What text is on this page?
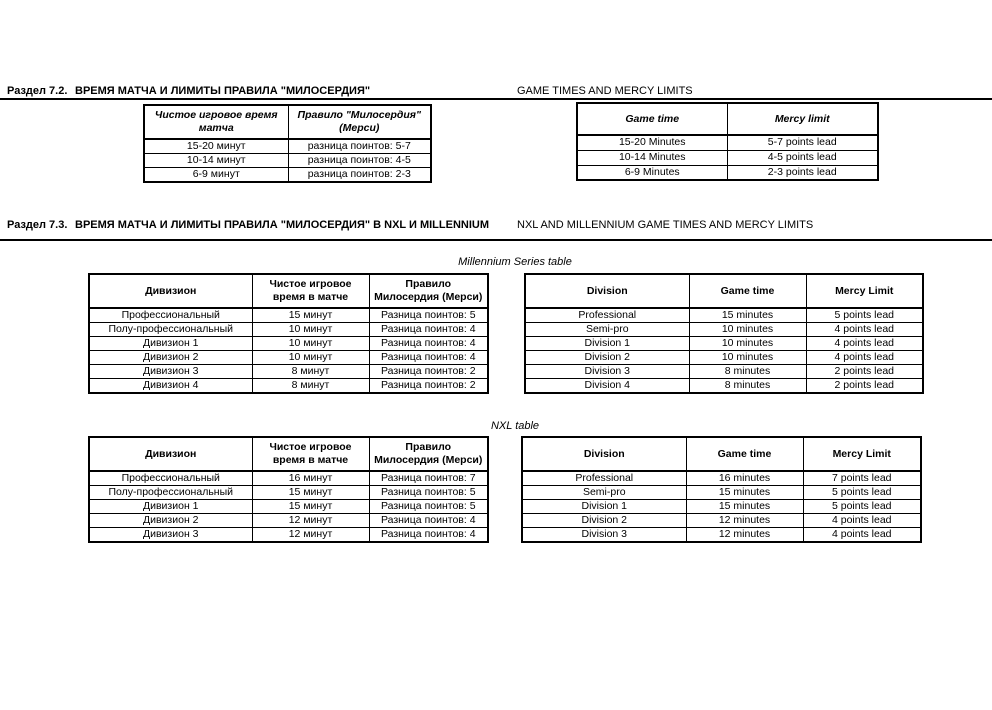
Раздел 7.2. ВРЕМЯ МАТЧА И ЛИМИТЫ ПРАВИЛА "МИЛОСЕРДИЯ"	GAME TIMES AND MERCY LIMITS
Чистое игровое время матча	Правило "Милосердия" (Мерси)
15-20 минут	разница поинтов: 5-7
10-14 минут	разница поинтов: 4-5
6-9 минут	разница поинтов: 2-3
Game time	Mercy limit
15-20 Minutes	5-7 points lead
10-14 Minutes	4-5 points lead
6-9 Minutes	2-3 points lead
Раздел 7.3. ВРЕМЯ МАТЧА И ЛИМИТЫ ПРАВИЛА "МИЛОСЕРДИЯ" В NXL И MILLENNIUM	NXL AND MILLENNIUM GAME TIMES AND MERCY LIMITS
Millennium Series table
Дивизион	Чистое игровое время в матче	Правило Милосердия (Мерси)
Профессиональный	15 минут	Разница поинтов: 5
Полу-профессиональный	10 минут	Разница поинтов: 4
Дивизион 1	10 минут	Разница поинтов: 4
Дивизион 2	10 минут	Разница поинтов: 4
Дивизион 3	8 минут	Разница поинтов: 2
Дивизион 4	8 минут	Разница поинтов: 2
Division	Game time	Mercy Limit
Professional	15 minutes	5 points lead
Semi-pro	10 minutes	4 points lead
Division 1	10 minutes	4 points lead
Division 2	10 minutes	4 points lead
Division 3	8 minutes	2 points lead
Division 4	8 minutes	2 points lead
NXL table
Дивизион	Чистое игровое время в матче	Правило Милосердия (Мерси)
Профессиональный	16 минут	Разница поинтов: 7
Полу-профессиональный	15 минут	Разница поинтов: 5
Дивизион 1	15 минут	Разница поинтов: 5
Дивизион 2	12 минут	Разница поинтов: 4
Дивизион 3	12 минут	Разница поинтов: 4
Division	Game time	Mercy Limit
Professional	16 minutes	7 points lead
Semi-pro	15 minutes	5 points lead
Division 1	15 minutes	5 points lead
Division 2	12 minutes	4 points lead
Division 3	12 minutes	4 points lead
